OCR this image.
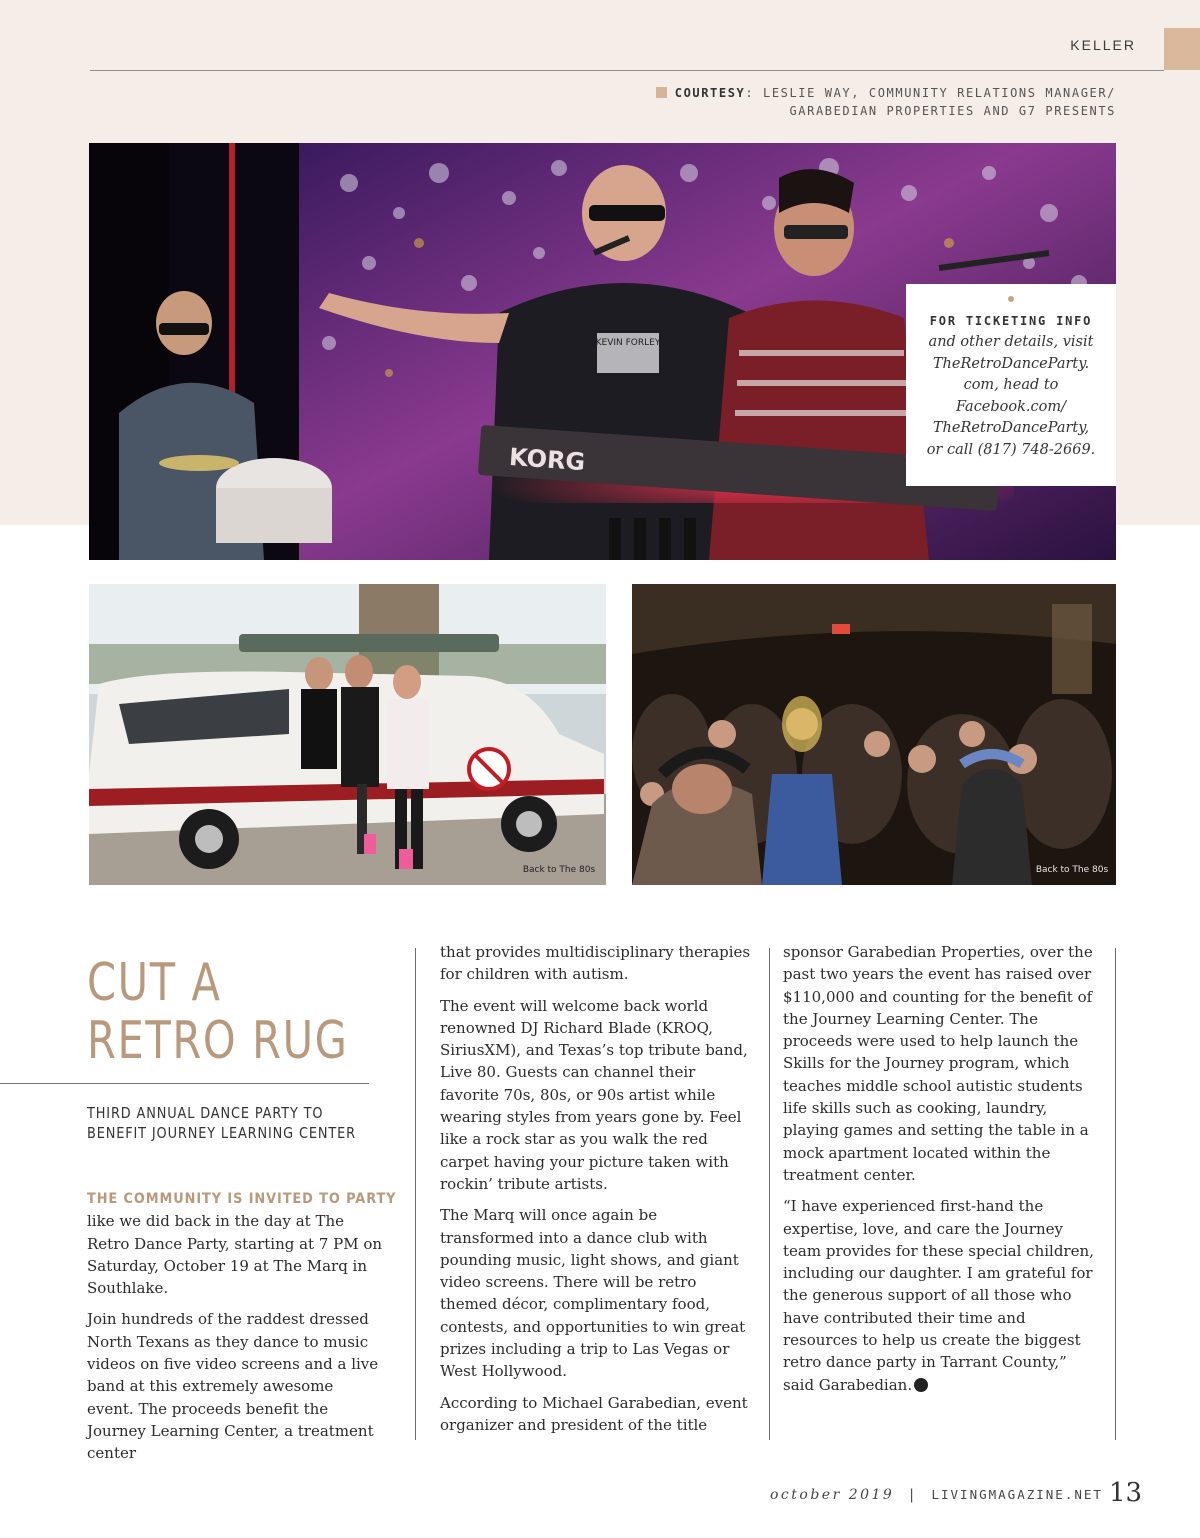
KELLER
COURTESY: LESLIE WAY, COMMUNITY RELATIONS MANAGER/
GARABEDIAN PROPERTIES AND G7 PRESENTS
KEVIN FORLEY
KORG
FOR TICKETING INFO
and other details, visit
TheRetroDanceParty.
com, head to
Facebook.com/
TheRetroDanceParty,
or call (817) 748-2669.
Back to The 80s	Back to The 80s
CUT A
RETRO RUG
THIRD ANNUAL DANCE PARTY TO
BENEFIT JOURNEY LEARNING CENTER

THE COMMUNITY IS INVITED TO PARTY
like we did back in the day at The Retro Dance Party, starting at 7 PM on Saturday, October 19 at The Marq in Southlake.

Join hundreds of the raddest dressed North Texans as they dance to music videos on five video screens and a live band at this extremely awesome event. The proceeds benefit the Journey Learning Center, a treatment center

that provides multidisciplinary therapies for children with autism.

The event will welcome back world renowned DJ Richard Blade (KROQ, SiriusXM), and Texas’s top tribute band, Live 80. Guests can channel their favorite 70s, 80s, or 90s artist while wearing styles from years gone by. Feel like a rock star as you walk the red carpet having your picture taken with rockin’ tribute artists.

The Marq will once again be transformed into a dance club with pounding music, light shows, and giant video screens. There will be retro themed décor, complimentary food, contests, and opportunities to win great prizes including a trip to Las Vegas or West Hollywood.

According to Michael Garabedian, event organizer and president of the title

sponsor Garabedian Properties, over the past two years the event has raised over $110,000 and counting for the benefit of the Journey Learning Center. The proceeds were used to help launch the Skills for the Journey program, which teaches middle school autistic students life skills such as cooking, laundry, playing games and setting the table in a mock apartment located within the treatment center.

“I have experienced first-hand the expertise, love, and care the Journey team provides for these special children, including our daughter. I am grateful for the generous support of all those who have contributed their time and resources to help us create the biggest retro dance party in Tarrant County,” said Garabedian.

october 2019 | LIVINGMAGAZINE.NET 13
